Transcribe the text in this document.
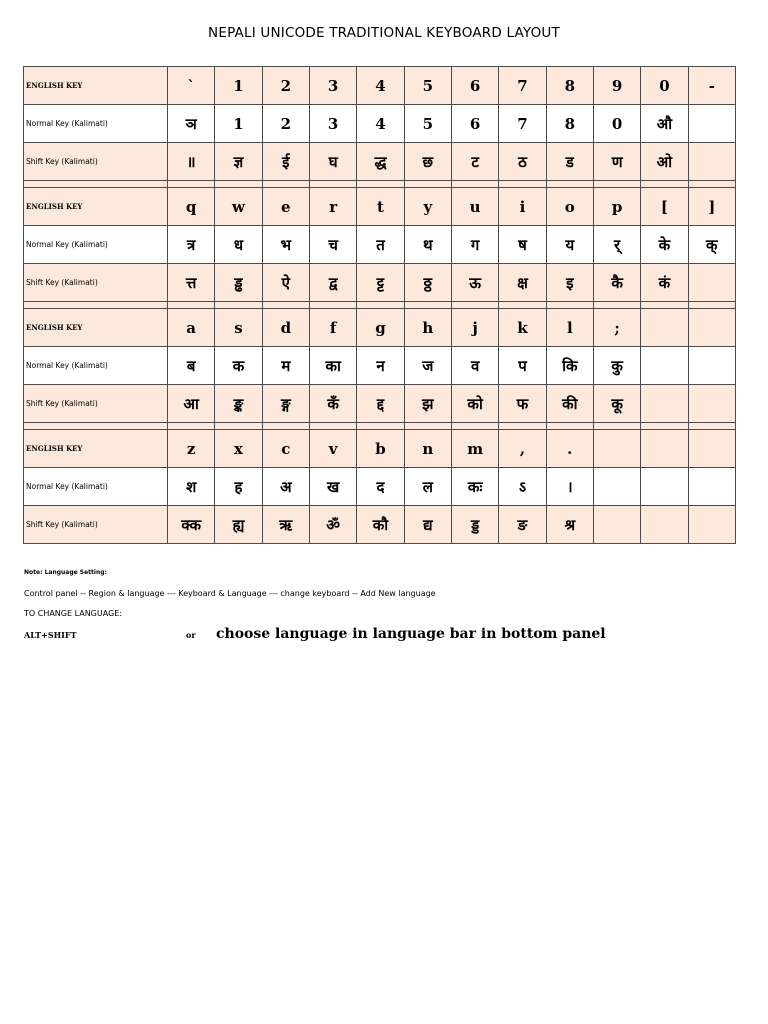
NEPALI UNICODE TRADITIONAL KEYBOARD LAYOUT
ENGLISH KEY	`	1	2	3	4	5	6	7	8	9	0	-
Normal Key (Kalimati)	ञ	1	2	3	4	5	6	7	8	0	औ	
Shift Key (Kalimati)	॥	ज्ञ	ई	घ	द्ध	छ	ट	ठ	ड	ण	ओ	

ENGLISH KEY	q	w	e	r	t	y	u	i	o	p	[	]
Normal Key (Kalimati)	त्र	ध	भ	च	त	थ	ग	ष	य	र्	के	क्
Shift Key (Kalimati)	त्त	ड्ढ	ऐ	द्व	ट्ट	ठ्ठ	ऊ	क्ष	इ	कै	कं	

ENGLISH KEY	a	s	d	f	g	h	j	k	l	;		
Normal Key (Kalimati)	ब	क	म	का	न	ज	व	प	कि	कु		
Shift Key (Kalimati)	आ	ङ्क	ङ्ग	कँ	द्द	झ	को	फ	की	कू		

ENGLISH KEY	z	x	c	v	b	n	m	,	.			
Normal Key (Kalimati)	श	ह	अ	ख	द	ल	कः	ऽ	।			
Shift Key (Kalimati)	क्क	ह्य	ऋ	ॐ	कौ	द्य	ड्ड	ङ	श्र			
Note: Language Setting:
Control panel -- Region & language --- Keyboard & Language --- change keyboard -- Add New language
TO CHANGE LANGUAGE:
ALT+SHIFT	or choose language in language bar in bottom panel
